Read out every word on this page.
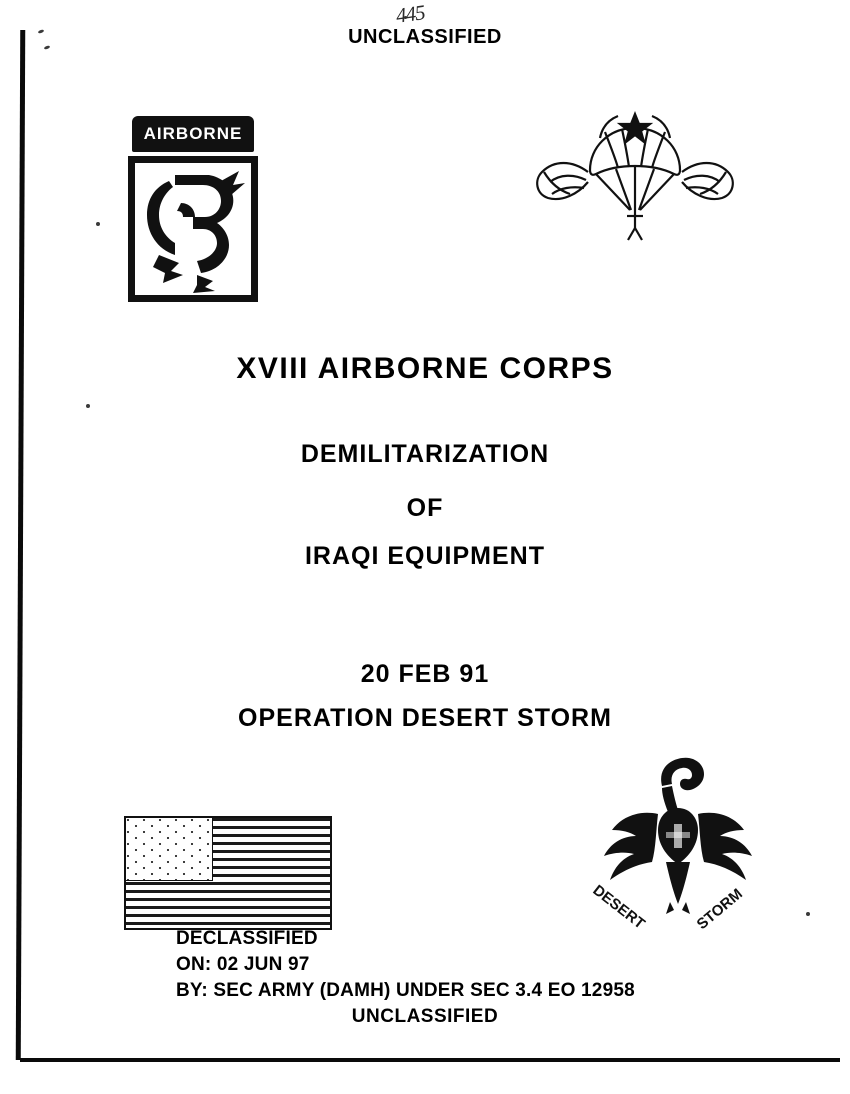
445
UNCLASSIFIED
AIRBORNE
XVIII AIRBORNE CORPS
DEMILITARIZATION
OF
IRAQI EQUIPMENT
20 FEB 91
OPERATION DESERT STORM
DESERT	STORM
DECLASSIFIED
ON: 02 JUN 97
BY: SEC ARMY (DAMH) UNDER SEC 3.4 EO 12958
UNCLASSIFIED
